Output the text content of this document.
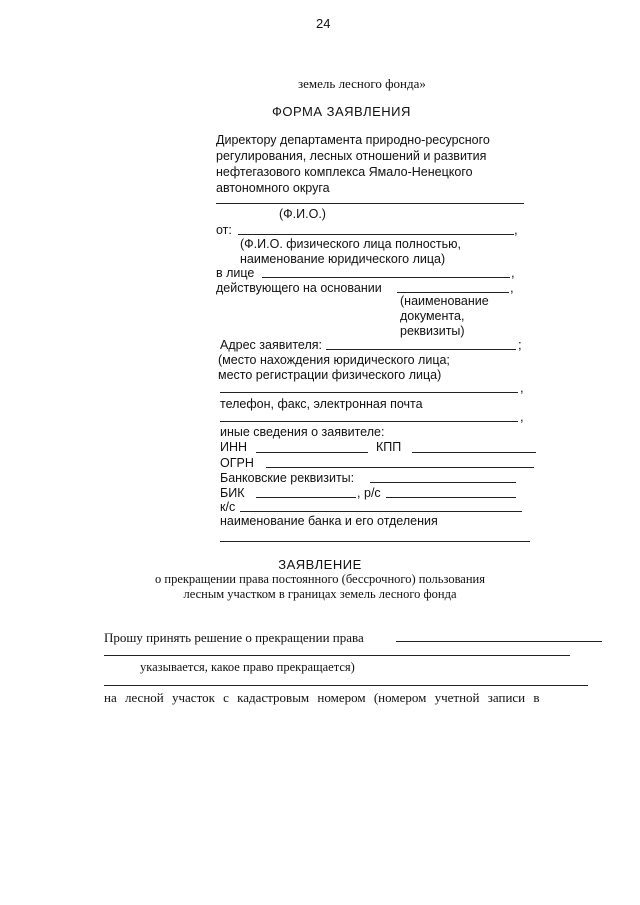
24
земель лесного фонда»
ФОРМА ЗАЯВЛЕНИЯ
Директору департамента природно-ресурсного
регулирования, лесных отношений и развития
нефтегазового комплекса Ямало-Ненецкого
автономного округа
(Ф.И.О.)
от:	,
(Ф.И.О. физического лица полностью,
наименование юридического лица)
в лице	,
действующего на основании	,
(наименование
документа,
реквизиты)
Адрес заявителя:	;
(место нахождения юридического лица;
место регистрации физического лица)
,
телефон, факс, электронная почта
,
иные сведения о заявителе:
ИНН	КПП
ОГРН
Банковские реквизиты:
БИК	, р/с
к/с
наименование банка и его отделения
ЗАЯВЛЕНИЕ
о прекращении права постоянного (бессрочного) пользования
лесным участком в границах земель лесного фонда
Прошу принять решение о прекращении права
указывается, какое право прекращается)
на лесной участок с кадастровым номером (номером учетной записи в
